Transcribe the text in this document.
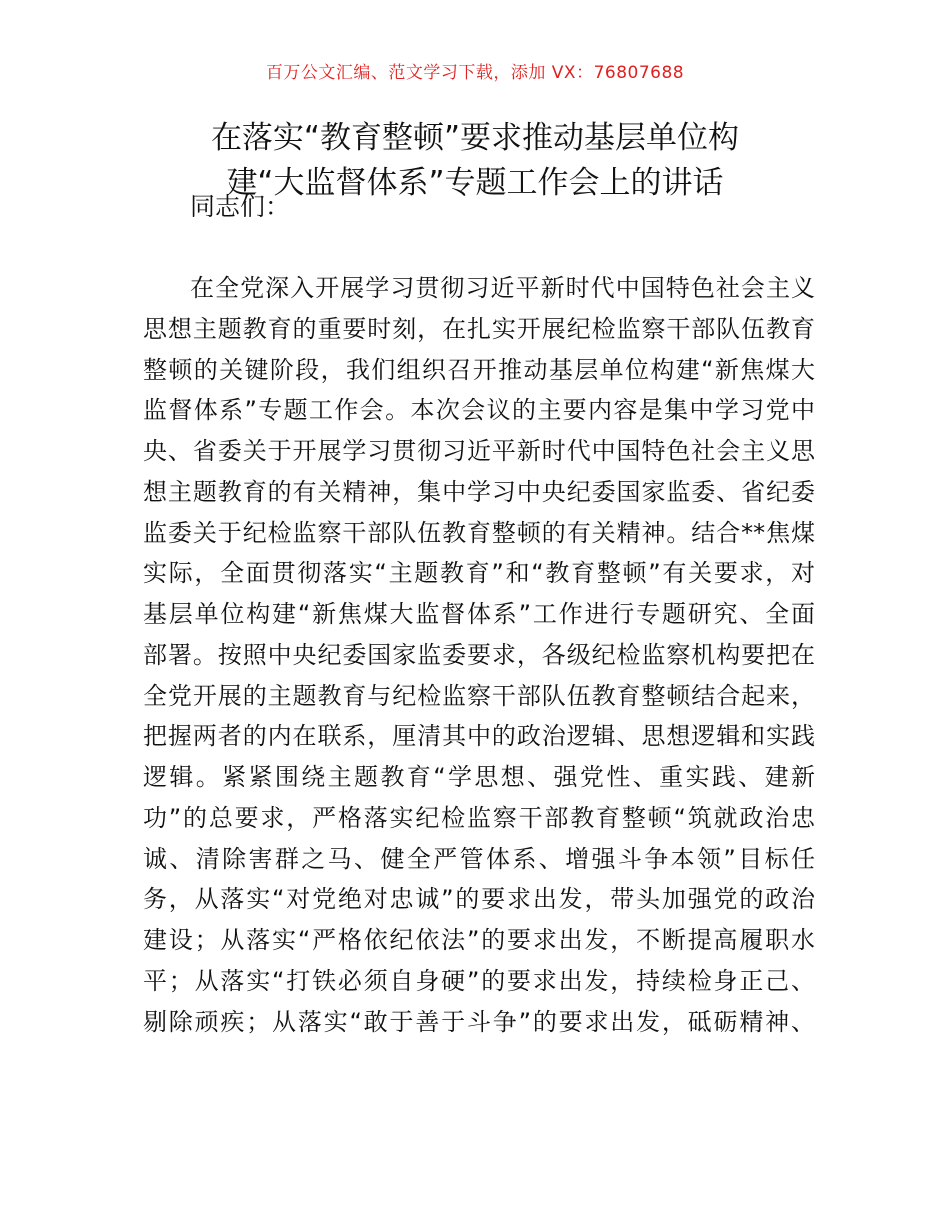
百万公文汇编、范文学习下载，添加 VX：76807688
在落实“教育整顿”要求推动基层单位构
建“大监督体系”专题工作会上的讲话
同志们：
在全党深入开展学习贯彻习近平新时代中国特色社会主义
思想主题教育的重要时刻，在扎实开展纪检监察干部队伍教育
整顿的关键阶段，我们组织召开推动基层单位构建“新焦煤大
监督体系”专题工作会。本次会议的主要内容是集中学习党中
央、省委关于开展学习贯彻习近平新时代中国特色社会主义思
想主题教育的有关精神，集中学习中央纪委国家监委、省纪委
监委关于纪检监察干部队伍教育整顿的有关精神。结合**焦煤
实际，全面贯彻落实“主题教育”和“教育整顿”有关要求，对
基层单位构建“新焦煤大监督体系”工作进行专题研究、全面
部署。按照中央纪委国家监委要求，各级纪检监察机构要把在
全党开展的主题教育与纪检监察干部队伍教育整顿结合起来，
把握两者的内在联系，厘清其中的政治逻辑、思想逻辑和实践
逻辑。紧紧围绕主题教育“学思想、强党性、重实践、建新
功”的总要求，严格落实纪检监察干部教育整顿“筑就政治忠
诚、清除害群之马、健全严管体系、增强斗争本领”目标任
务，从落实“对党绝对忠诚”的要求出发，带头加强党的政治
建设；从落实“严格依纪依法”的要求出发，不断提高履职水
平；从落实“打铁必须自身硬”的要求出发，持续检身正己、
剔除顽疾；从落实“敢于善于斗争”的要求出发，砥砺精神、
